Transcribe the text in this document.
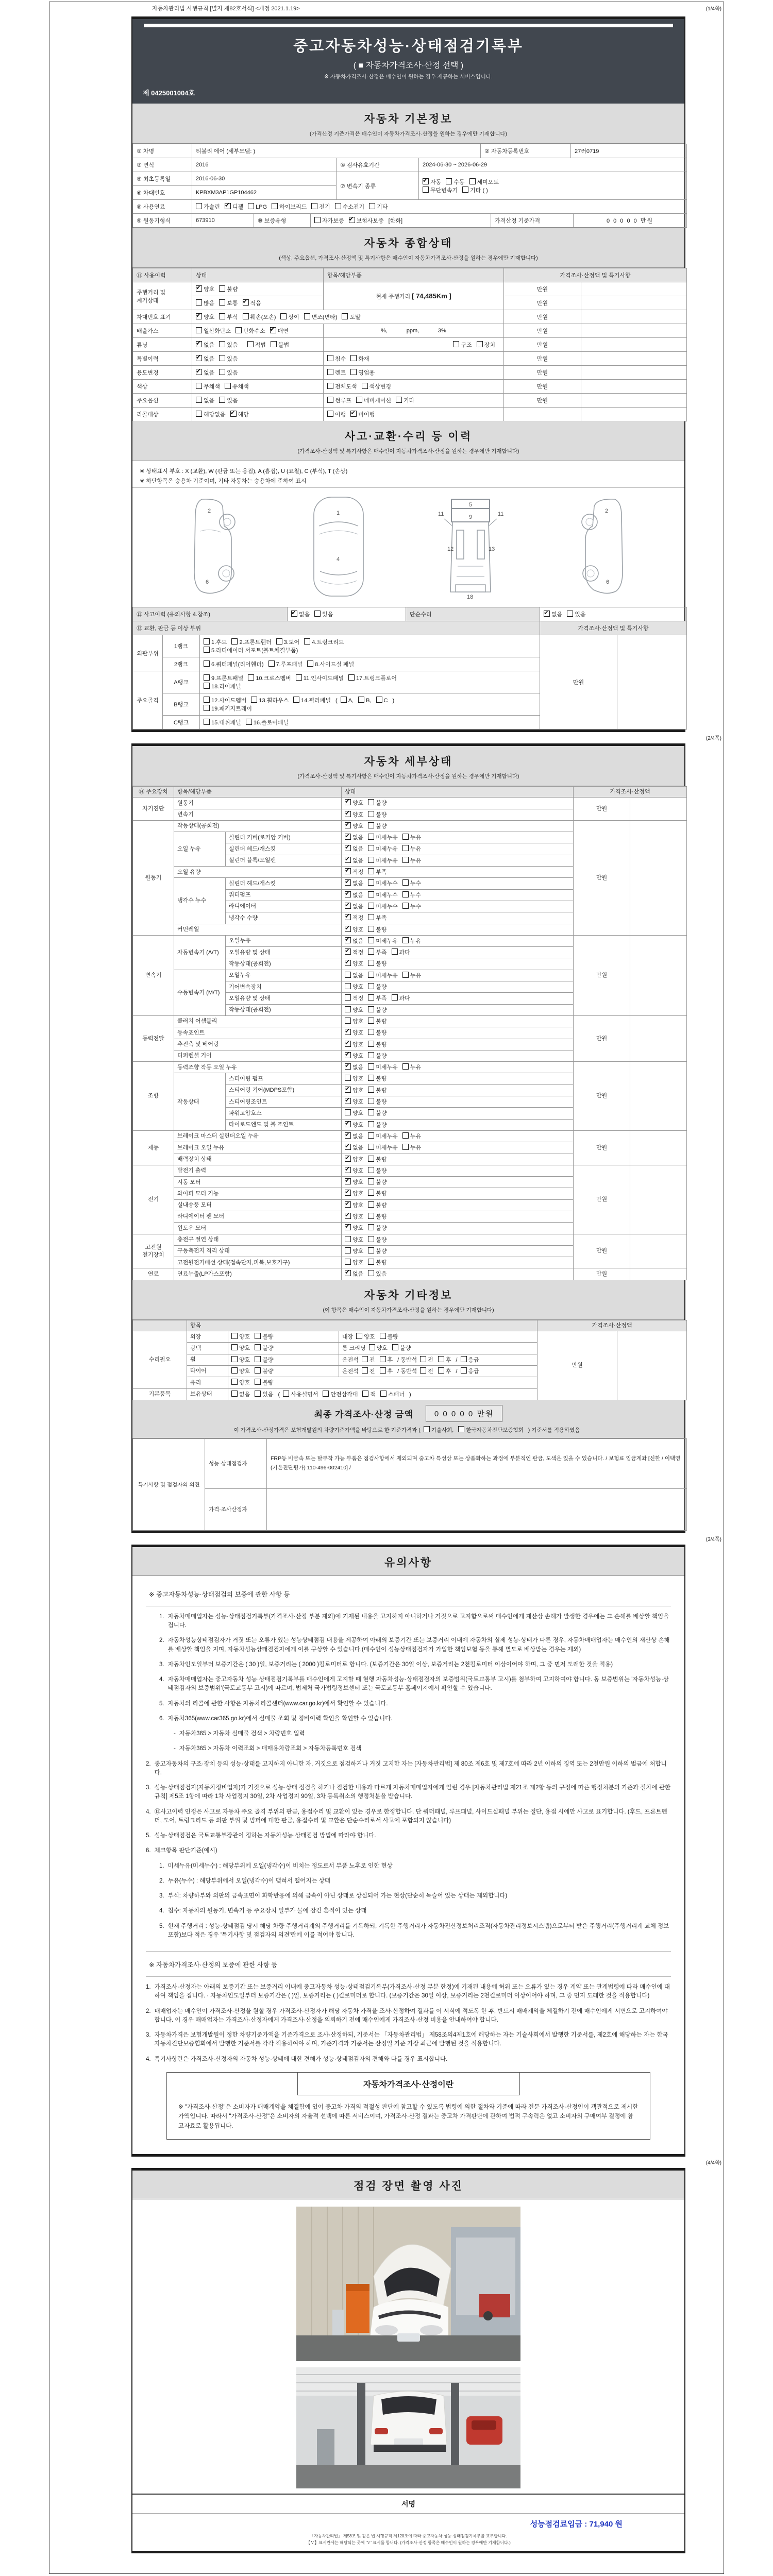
자동차관리법 시행규칙 [별지 제82호서식] <개정 2021.1.19>	(1/4쪽)
중고자동차성능·상태점검기록부
( ■ 자동차가격조사·산정 선택 )
※ 자동차가격조사·산정은 매수인이 원하는 경우 제공하는 서비스입니다.
제 0425001004호
자동차 기본정보
(가격산정 기준가격은 매수인이 자동차가격조사·산정을 원하는 경우에만 기재합니다)
① 차명	티볼리 에어 (세부모델: )	② 자동차등록번호	27러0719
③ 연식	2016	④ 검사유효기간	2024-06-30 ~ 2026-06-29
⑤ 최초등록일	2016-06-30	⑦ 변속기 종류	✔자동 수동 세미오토
무단변속기 기타 ( )
⑥ 차대번호	KPBXM3AP1GP104462		
⑧ 사용연료	가솔린 ✔ 디젤 LPG 하이브리드 전기 수소전기 기타
⑨ 원동기형식	673910	⑩ 보증유형	자가보증 ✔ 보험사보증 [한화]	가격산정 기준가격	0 0 0 0 0 만원
자동차 종합상태
(색상, 주요옵션, 가격조사·산정액 및 특기사항은 매수인이 자동차가격조사·산정을 원하는 경우에만 기재합니다)
⑪ 사용이력	상태	항목/해당부품	가격조사·산정액 및 특기사항	
주행거리 및 계기상태	✔양호 불량	현재 주행거리 [ 74,485Km ]	만원	
	많음 보통 ✔ 적음		만원	
차대번호 표기	✔양호 부식 훼손(오손) 상이 변조(변타) 도말		만원	
배출가스	일산화탄소 탄화수소 ✔ 매연	%,            ppm,            3%	만원	
튜닝	✔없음 있음 적법 불법	구조 장치	만원	
특별이력	✔없음 있음	침수 화재	만원	
용도변경	✔없음 있음	렌트 영업용	만원	
색상	무채색 유채색	전체도색 색상변경	만원	
주요옵션	없음 있음	썬루프 네비게이션 기타	만원	
리콜대상	해당없음 ✔ 해당	이행 ✔ 미이행		
사고·교환·수리 등 이력
(가격조사·산정액 및 특기사항은 매수인이 자동차가격조사·산정을 원하는 경우에만 기재합니다)
※ 상태표시 부호 : X (교환), W (판금 또는 용접), A (흠집), U (요철), C (부식), T (손상)
※ 하단항목은 승용차 기준이며, 기타 자동차는 승용차에 준하여 표시
2
6
1
4
11	11
9
5
12	13
18
2
6
⑫ 사고이력 (유의사항 4.참조)	✔없음 있음	단순수리	✔없음 있음
⑬ 교환, 판금 등 이상 부위			가격조사·산정액 및 특기사항	
외판부위	1랭크	1.후드 2.프론트휀더 3.도어 4.트렁크리드
5.라디에이터 서포트(볼트체결부품)	만원	
	2랭크	6.쿼터패널(리어휀더) 7.루프패널 8.사이드실 패널		
주요골격	A랭크	9.프론트패널 10.크로스멤버 11.인사이드패널 17.트렁크플로어
18.리어패널		
	B랭크	12.사이드멤버 13.휠하우스 14.필러패널 ( A, B, C )
19.패키지트레이		
	C랭크	15.대쉬패널 16.플로어패널		
(2/4쪽)
자동차 세부상태
(가격조사·산정액 및 특기사항은 매수인이 자동차가격조사·산정을 원하는 경우에만 기재합니다)
⑭ 주요장치	항목/해당부품		상태	가격조사·산정액	
자기진단	원동기	✔양호 불량	만원	
	변속기	✔양호 불량
원동기	작동상태(공회전)	✔양호 불량	만원	
	오일 누유	실린더 커버(로커암 커버)	✔없음 미세누유 누유
		실린더 헤드/개스킷	✔없음 미세누유 누유
		실린더 블록/오일팬	✔없음 미세누유 누유
	오일 유량	✔적정 부족
	냉각수 누수	실린더 헤드/개스킷	✔없음 미세누수 누수
		워터펌프	✔없음 미세누수 누수
		라디에이터	✔없음 미세누수 누수
		냉각수 수량	✔적정 부족
	커먼레일	✔양호 불량
변속기	자동변속기 (A/T)	오일누유	✔없음 미세누유 누유	만원	
		오일유량 및 상태	✔적정 부족 과다
		작동상태(공회전)	✔양호 불량
	수동변속기 (M/T)	오일누유	없음 미세누유 누유		
		기어변속장치	양호 불량		
		오일유량 및 상태	적정 부족 과다		
		작동상태(공회전)	양호 불량		
동력전달	클러치 어셈블리		양호 불량	만원	
	등속죠인트	✔양호 불량
	추진축 및 베어링	✔양호 불량
	디퍼렌셜 기어	✔양호 불량
조향	동력조향 작동 오일 누유	✔없음 미세누유 누유	만원	
	작동상태	스티어링 펌프	양호 불량		
		스티어링 기어(MDPS포함)	✔양호 불량
		스티어링조인트	✔양호 불량
		파워고압호스	양호 불량		
		타이로드엔드 및 볼 조인트	✔양호 불량
제동	브레이크 마스터 실린더오일 누유	✔없음 미세누유 누유	만원	
	브레이크 오일 누유	✔없음 미세누유 누유
	배력장치 상태	✔양호 불량
전기	발전기 출력	✔양호 불량	만원	
	시동 모터	✔양호 불량
	와이퍼 모터 기능	✔양호 불량
	실내송풍 모터	✔양호 불량
	라디에이터 팬 모터	✔양호 불량
	윈도우 모터	✔양호 불량
고전원 전기장치	충전구 절연 상태		양호 불량	만원	
	구동축전지 격리 상태		양호 불량		
	고전원전기배선 상태(접속단자,피복,보호기구)		양호 불량		
연료	연료누출(LP가스포함)	✔없음 있음	만원	
자동차 기타정보
(이 항목은 매수인이 자동차가격조사·산정을 원하는 경우에만 기재합니다)
	항목			가격조사·산정액	
수리필요	외장	양호 불량	내장 양호 불량	만원	
	광택	양호 불량	룸 크리닝 양호 불량		
	휠	양호 불량	운전석 전 후 / 동반석 전 후 / 응급		
	타이어	양호 불량	운전석 전 후 / 동반석 전 후 / 응급		
	유리	양호 불량			
기본품목	보유상태	없음 있음 ( 사용설명서 안전삼각대 잭 스패너 )			
최종 가격조사·산정 금액	0 0 0 0 0 만원
이 가격조사·산정가격은 보험개발원의 차량기준가액을 바탕으로 한 기준가격과 ( 기술사회, 한국자동차진단보증협회 ) 기준서를 적용하였음
특기사항 및 점검자의 의견	성능·상태점검자	FRP등 비금속 또는 탈부착 가능 부품은 점검사항에서 제외되며 중고차 특성상 또는 상품화하는 과정에 부분적인 판금, 도색은 있을 수 있습니다. / 보험료 입금계좌 [신한 / 이택영(기온진단평가) 110-496-002410] /
	가격·조사산정자	
(3/4쪽)
유의사항
※ 중고자동차성능·상태점검의 보증에 관한 사항 등
1. 자동차매매업자는 성능·상태점검기록부(가격조사·산정 부분 제외)에 기재된 내용을 고지하지 아니하거나 거짓으로 고지함으로써 매수인에게 재산상 손해가 발생한 경우에는 그 손해를 배상할 책임을 집니다.
2. 자동차성능상태점검자가 거짓 또는 오류가 있는 성능상태점검 내용을 제공하여 아래의 보증기간 또는 보증거리 이내에 자동차의 실제 성능·상태가 다른 경우, 자동차매매업자는 매수인의 재산상 손해를 배상할 책임을 지며, 자동차성능상태점검자에게 이를 구상할 수 있습니다.(매수인이 성능상태점검자가 가입한 책임보험 등을 통해 별도로 배상받는 경우는 제외)
3. 자동차인도일부터 보증기간은 ( 30 )일, 보증거리는 ( 2000 )킬로미터로 합니다. (보증기간은 30일 이상, 보증거리는 2천킬로미터 이상이어야 하며, 그 중 먼저 도래한 것을 적용)
4. 자동차매매업자는 중고자동차 성능·상태점검기록부를 매수인에게 고지할 때 현행 자동차성능·상태점검자의 보증범위(국토교통부 고시)를 첨부하여 고지하여야 합니다. 동 보증범위는 '자동차성능·상태점검자의 보증범위'(국토교통부 고시)에 따르며, 법제처 국가법령정보센터 또는 국토교통부 홈페이지에서 확인할 수 있습니다.
5. 자동차의 리콜에 관한 사항은 자동차리콜센터(www.car.go.kr)에서 확인할 수 있습니다.
6. 자동차365(www.car365.go.kr)에서 실매물 조회 및 정비이력 확인을 확인할 수 있습니다.
- 자동차365 > 자동차 실매물 검색 > 차량번호 입력
- 자동차365 > 자동차 이력조회 > 매매용차량조회 > 자동차등록번호 검색
2. 중고자동차의 구조·장치 등의 성능·상태를 고지하지 아니한 자, 거짓으로 점검하거나 거짓 고지한 자는 [자동차관리법] 제 80조 제6호 및 제7호에 따라 2년 이하의 징역 또는 2천만원 이하의 벌금에 처합니다.
3. 성능·상태점검자(자동차정비업자)가 거짓으로 성능·상태 점검을 하거나 점검한 내용과 다르게 자동차매매업자에게 알린 경우 [자동차관리법 제21조 제2항 등의 규정에 따른 행정처분의 기준과 절차에 관한 규칙] 제5조 1항에 따라 1차 사업정지 30일, 2차 사업정지 90일, 3차 등록취소의 행정처분을 받습니다.
4. ⑫사고이력 인정은 사고로 자동차 주요 골격 부위의 판금, 용접수리 및 교환이 있는 경우로 한정합니다. 단 쿼터패널, 루프패널, 사이드실패널 부위는 절단, 용접 시에만 사고로 표기합니다. (후드, 프론트펜더, 도어, 트렁크리드 등 외판 부위 및 범퍼에 대한 판금, 용접수리 및 교환은 단순수리로서 사고에 포함되지 않습니다)
5. 성능·상태점검은 국토교통부장관이 정하는 자동차성능·상태점검 방법에 따라야 합니다.
6. 체크항목 판단기준(예시)
1. 미세누유(미세누수) : 해당부위에 오일(냉각수)이 비치는 정도로서 부품 노후로 인한 현상
2. 누유(누수) : 해당부위에서 오일(냉각수)이 맺혀서 떨어지는 상태
3. 부식: 차량하부와 외판의 금속표면이 화학반응에 의해 금속이 아닌 상태로 상실되어 가는 현상(단순히 녹슬어 있는 상태는 제외합니다)
4. 침수: 자동차의 원동기, 변속기 등 주요장치 일부가 물에 잠긴 흔적이 있는 상태
5. 현재 주행거리 : 성능·상태점검 당시 해당 차량 주행거리계의 주행거리를 기록하되, 기록한 주행거리가 자동차전산정보처리조직(자동차관리정보시스템)으로부터 받은 주행거리(주행거리계 교체 정보 포함)보다 적은 경우 '특기사항 및 점검자의 의견'란에 이를 적어야 합니다.
※ 자동차가격조사·산정의 보증에 관한 사항 등
1. 가격조사·산정자는 아래의 보증기간 또는 보증거리 이내에 중고자동차 성능·상태점검기록부(가격조사·산정 부분 한정)에 기재된 내용에 허위 또는 오류가 있는 경우 계약 또는 관계법령에 따라 매수인에 대하여 책임을 집니다. · 자동차인도일부터 보증기간은 ( )일, 보증거리는 ( )킬로미터로 합니다. (보증기간은 30일 이상, 보증거리는 2천킬로미터 이상이어야 하며, 그 중 먼저 도래한 것을 적용합니다)
2. 매매업자는 매수인이 가격조사·산정을 원할 경우 가격조사·산정자가 해당 자동차 가격을 조사·산정하여 결과를 이 서식에 적도록 한 후, 반드시 매매계약을 체결하기 전에 매수인에게 서면으로 고지하여야 합니다. 이 경우 매매업자는 가격조사·산정자에게 가격조사·산정을 의뢰하기 전에 매수인에게 가격조사·산정 비용을 안내하여야 합니다.
3. 자동차가격은 보험개발원이 정한 차량기준가액을 기준가격으로 조사·산정하되, 기준서는 「자동차관리법」 제58조의4제1호에 해당하는 자는 기술사회에서 발행한 기준서를, 제2호에 해당하는 자는 한국자동차진단보증협회에서 발행한 기준서를 각각 적용하여야 하며, 기준가격과 기준서는 산정일 기준 가장 최근에 발행된 것을 적용합니다.
4. 특기사항란은 가격조사·산정자의 자동차 성능·상태에 대한 견해가 성능·상태점검자의 견해와 다를 경우 표시합니다.
자동차가격조사·산정이란
※ "가격조사·산정"은 소비자가 매매계약을 체결함에 있어 중고차 가격의 적절성 판단에 참고할 수 있도록 법령에 의한 절차와 기준에 따라 전문 가격조사·산정인이 객관적으로 제시한 가액입니다. 따라서 "가격조사·산정"은 소비자의 자율적 선택에 따른 서비스이며, 가격조사·산정 결과는 중고차 가격판단에 관하여 법적 구속력은 없고 소비자의 구매여부 결정에 참고자료로 활용됩니다.
(4/4쪽)
점검 장면 촬영 사진
서명
성능점검료입금 : 71,940 원
「자동차관리법」 제58조 및 같은 법 시행규칙 제120조에 따라 중고자동차 성능·상태점검기록부를 교부합니다.
【Ｖ】표시란에는 해당되는 곳에 'Ｖ' 표시를 합니다. (가격조사·산정 항목은 매수인이 원하는 경우에만 기재합니다.)
